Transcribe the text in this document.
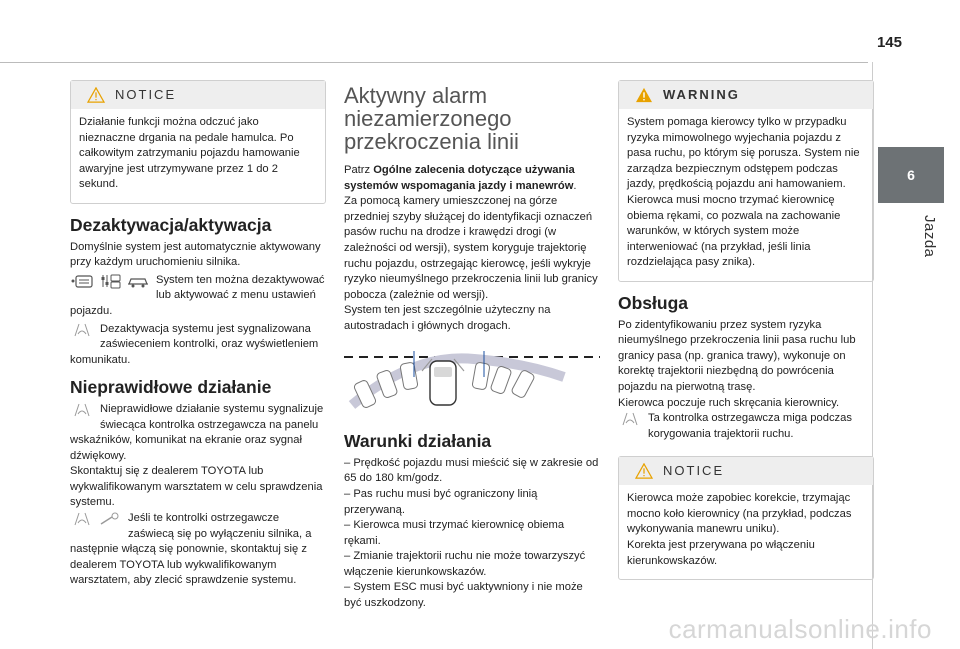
145
6
Jazda
NOTICE

Działanie funkcji można odczuć jako nieznaczne drgania na pedale hamulca. Po całkowitym zatrzymaniu pojazdu hamowanie awaryjne jest utrzymywane przez 1 do 2 sekund.

Dezaktywacja/aktywacja

Domyślnie system jest automatycznie aktywowany przy każdym uruchomieniu silnika.

System ten można dezaktywować lub aktywować z menu ustawień pojazdu.

Dezaktywacja systemu jest sygnalizowana zaświeceniem kontrolki, oraz wyświetleniem komunikatu.

Nieprawidłowe działanie

Nieprawidłowe działanie systemu sygnalizuje świecąca kontrolka ostrzegawcza na panelu wskaźników, komunikat na ekranie oraz sygnał dźwiękowy.

Skontaktuj się z dealerem TOYOTA lub wykwalifikowanym warsztatem w celu sprawdzenia systemu.

Jeśli te kontrolki ostrzegawcze zaświecą się po wyłączeniu silnika, a następnie włączą się ponownie, skontaktuj się z dealerem TOYOTA lub wykwalifikowanym warsztatem, aby zlecić sprawdzenie systemu.

Aktywny alarm niezamierzonego przekroczenia linii

Patrz Ogólne zalecenia dotyczące używania systemów wspomagania jazdy i manewrów.

Za pomocą kamery umieszczonej na górze przedniej szyby służącej do identyfikacji oznaczeń pasów ruchu na drodze i krawędzi drogi (w zależności od wersji), system koryguje trajektorię ruchu pojazdu, ostrzegając kierowcę, jeśli wykryje ryzyko nieumyślnego przekroczenia linii lub granicy pobocza (zależnie od wersji).

System ten jest szczególnie użyteczny na autostradach i głównych drogach.

Warunki działania

– Prędkość pojazdu musi mieścić się w zakresie od 65 do 180 km/godz.

– Pas ruchu musi być ograniczony linią przerywaną.

– Kierowca musi trzymać kierownicę obiema rękami.

– Zmianie trajektorii ruchu nie może towarzyszyć włączenie kierunkowskazów.

– System ESC musi być uaktywniony i nie może być uszkodzony.

WARNING

System pomaga kierowcy tylko w przypadku ryzyka mimowolnego wyjechania pojazdu z pasa ruchu, po którym się porusza. System nie zarządza bezpiecznym odstępem podczas jazdy, prędkością pojazdu ani hamowaniem.

Kierowca musi mocno trzymać kierownicę obiema rękami, co pozwala na zachowanie warunków, w których system może interweniować (na przykład, jeśli linia rozdzielająca pasy znika).

Obsługa

Po zidentyfikowaniu przez system ryzyka nieumyślnego przekroczenia linii pasa ruchu lub granicy pasa (np. granica trawy), wykonuje on korektę trajektorii niezbędną do powrócenia pojazdu na pierwotną trasę.

Kierowca poczuje ruch skręcania kierownicy.

Ta kontrolka ostrzegawcza miga podczas korygowania trajektorii ruchu.

NOTICE

Kierowca może zapobiec korekcie, trzymając mocno koło kierownicy (na przykład, podczas wykonywania manewru uniku).

Korekta jest przerywana po włączeniu kierunkowskazów.

carmanualsonline.info
